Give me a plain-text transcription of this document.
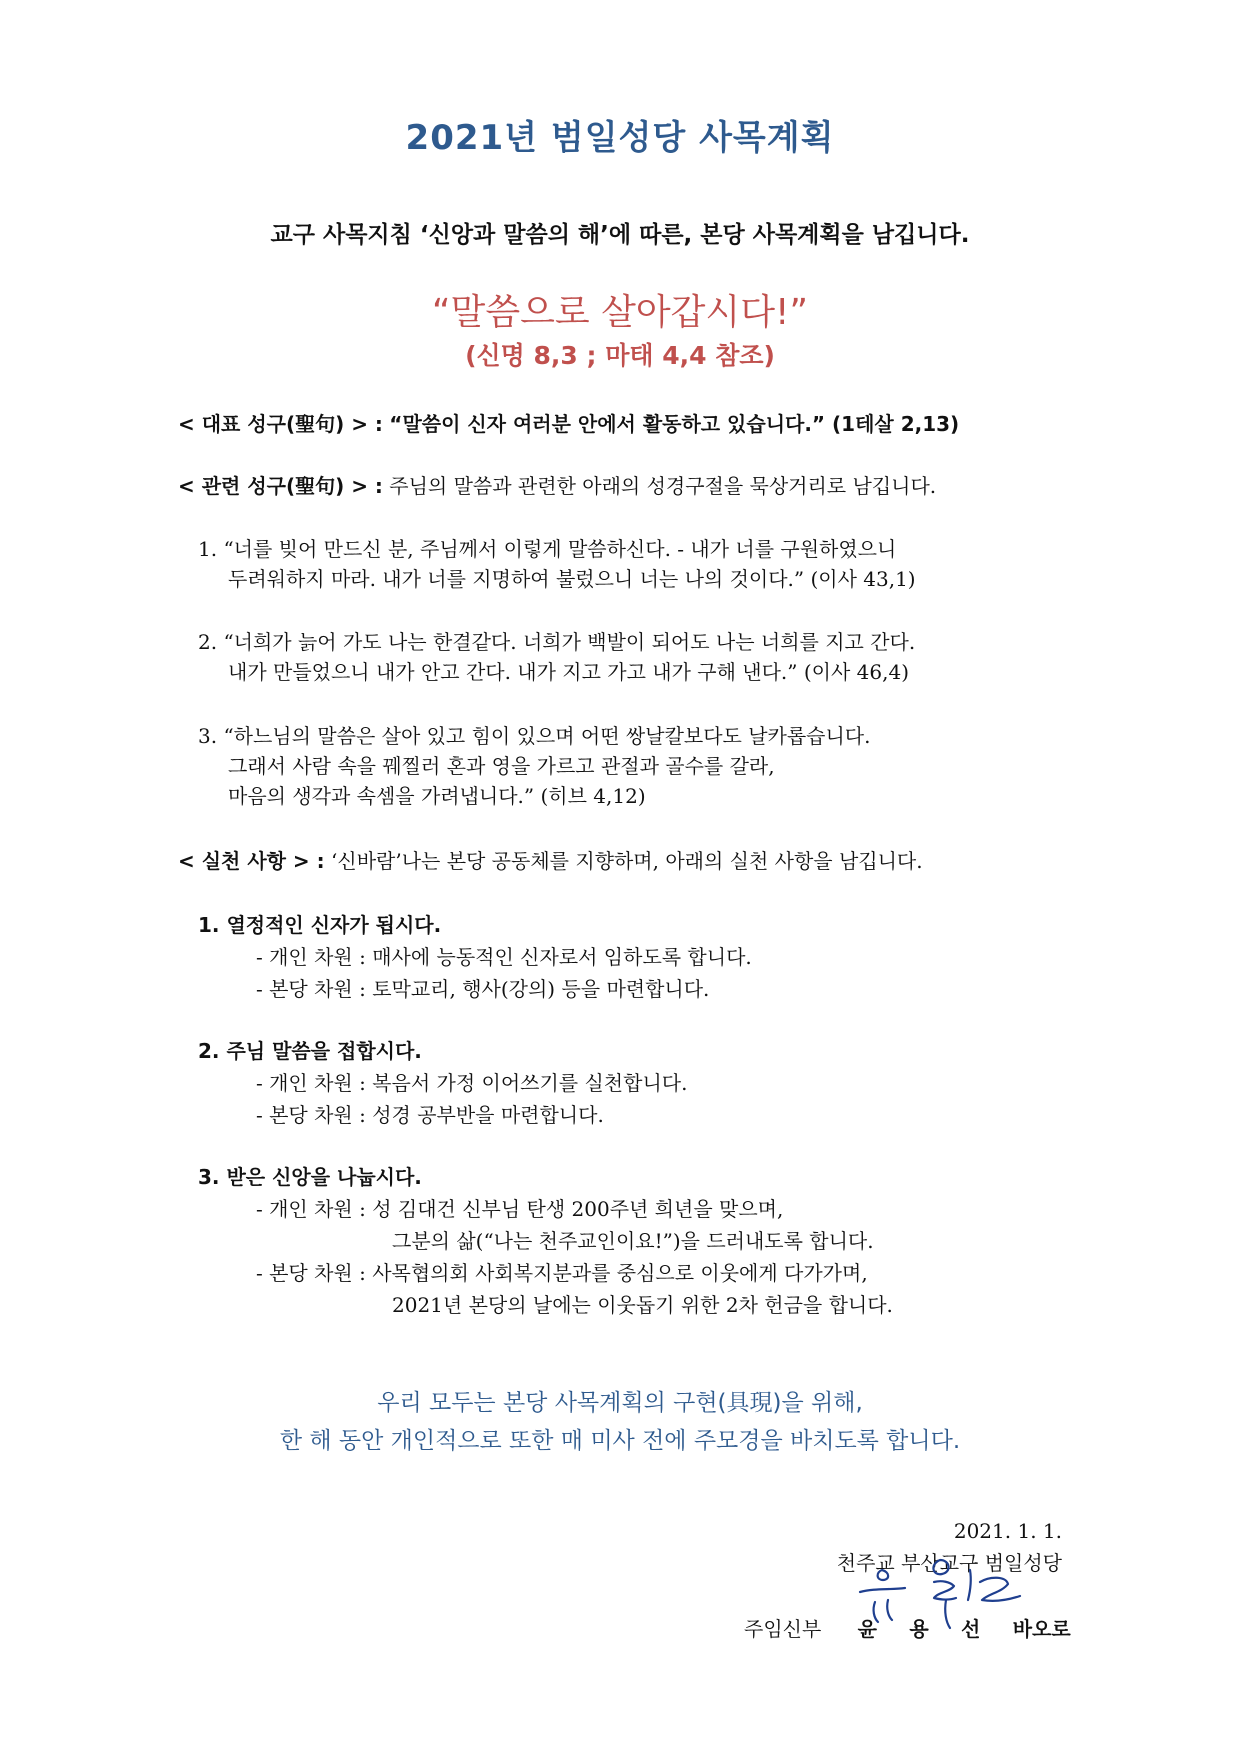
2021년 범일성당 사목계획
교구 사목지침 ‘신앙과 말씀의 해’에 따른, 본당 사목계획을 남깁니다.
“말씀으로 살아갑시다!”
(신명 8,3 ; 마태 4,4 참조)
< 대표 성구(聖句) > : “말씀이 신자 여러분 안에서 활동하고 있습니다.” (1테살 2,13)
< 관련 성구(聖句) > : 주님의 말씀과 관련한 아래의 성경구절을 묵상거리로 남깁니다.
1. “너를 빚어 만드신 분, 주님께서 이렇게 말씀하신다. - 내가 너를 구원하였으니
두려워하지 마라. 내가 너를 지명하여 불렀으니 너는 나의 것이다.” (이사 43,1)
2. “너희가 늙어 가도 나는 한결같다. 너희가 백발이 되어도 나는 너희를 지고 간다.
내가 만들었으니 내가 안고 간다. 내가 지고 가고 내가 구해 낸다.” (이사 46,4)
3. “하느님의 말씀은 살아 있고 힘이 있으며 어떤 쌍날칼보다도 날카롭습니다.
그래서 사람 속을 꿰찔러 혼과 영을 가르고 관절과 골수를 갈라,
마음의 생각과 속셈을 가려냅니다.” (히브 4,12)
< 실천 사항 > : ‘신바람’나는 본당 공동체를 지향하며, 아래의 실천 사항을 남깁니다.
1. 열정적인 신자가 됩시다.
- 개인 차원 : 매사에 능동적인 신자로서 임하도록 합니다.
- 본당 차원 : 토막교리, 행사(강의) 등을 마련합니다.
2. 주님 말씀을 접합시다.
- 개인 차원 : 복음서 가정 이어쓰기를 실천합니다.
- 본당 차원 : 성경 공부반을 마련합니다.
3. 받은 신앙을 나눕시다.
- 개인 차원 : 성 김대건 신부님 탄생 200주년 희년을 맞으며,
그분의 삶(“나는 천주교인이요!”)을 드러내도록 합니다.
- 본당 차원 : 사목협의회 사회복지분과를 중심으로 이웃에게 다가가며,
2021년 본당의 날에는 이웃돕기 위한 2차 헌금을 합니다.
우리 모두는 본당 사목계획의 구현(具現)을 위해,
한 해 동안 개인적으로 또한 매 미사 전에 주모경을 바치도록 합니다.
2021. 1. 1.
천주교 부산교구 범일성당
주임신부 윤 용 선 바오로
